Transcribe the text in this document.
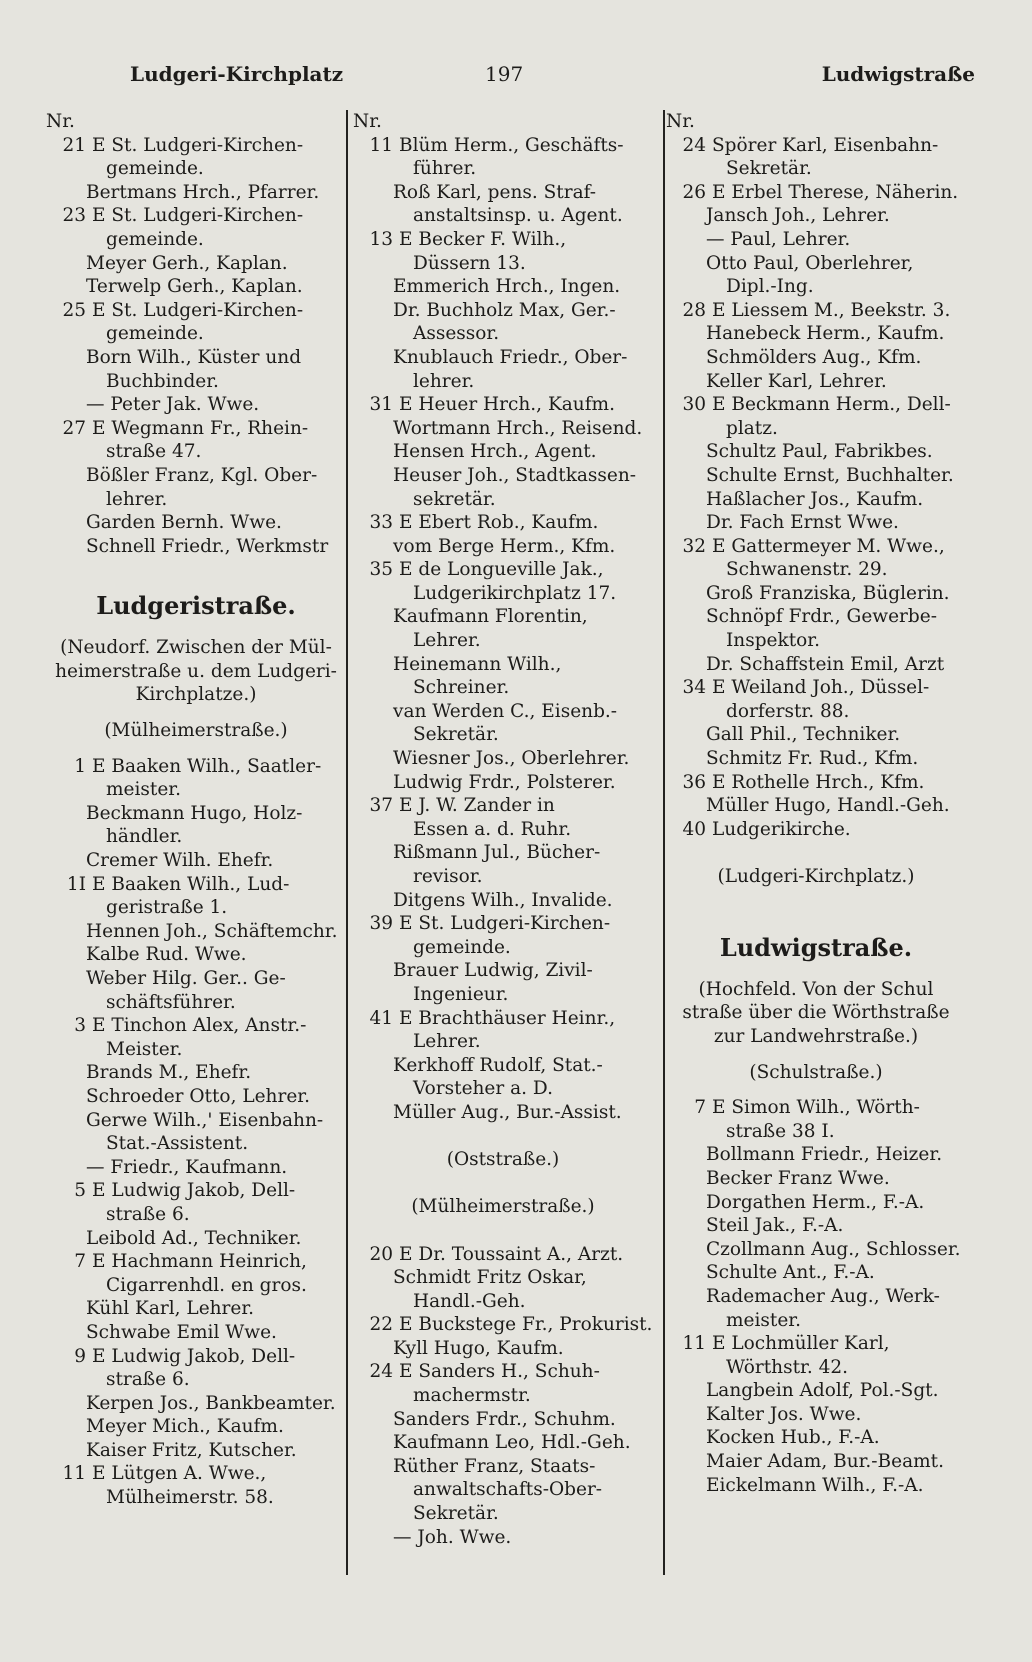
Ludgeri-Kirchplatz	197	Ludwigstraße
Nr.
21 E St. Ludgeri-Kirchen-
gemeinde.
Bertmans Hrch., Pfarrer.
23 E St. Ludgeri-Kirchen-
gemeinde.
Meyer Gerh., Kaplan.
Terwelp Gerh., Kaplan.
25 E St. Ludgeri-Kirchen-
gemeinde.
Born Wilh., Küster und
Buchbinder.
— Peter Jak. Wwe.
27 E Wegmann Fr., Rhein-
straße 47.
Bößler Franz, Kgl. Ober-
lehrer.
Garden Bernh. Wwe.
Schnell Friedr., Werkmstr
Ludgeristraße.
(Neudorf. Zwischen der Mül-
heimerstraße u. dem Ludgeri-
Kirchplatze.)
(Mülheimerstraße.)
1 E Baaken Wilh., Saatler-
meister.
Beckmann Hugo, Holz-
händler.
Cremer Wilh. Ehefr.
1I E Baaken Wilh., Lud-
geristraße 1.
Hennen Joh., Schäftemchr.
Kalbe Rud. Wwe.
Weber Hilg. Ger.. Ge-
schäftsführer.
3 E Tinchon Alex, Anstr.-
Meister.
Brands M., Ehefr.
Schroeder Otto, Lehrer.
Gerwe Wilh.,' Eisenbahn-
Stat.-Assistent.
— Friedr., Kaufmann.
5 E Ludwig Jakob, Dell-
straße 6.
Leibold Ad., Techniker.
7 E Hachmann Heinrich,
Cigarrenhdl. en gros.
Kühl Karl, Lehrer.
Schwabe Emil Wwe.
9 E Ludwig Jakob, Dell-
straße 6.
Kerpen Jos., Bankbeamter.
Meyer Mich., Kaufm.
Kaiser Fritz, Kutscher.
11 E Lütgen A. Wwe.,
Mülheimerstr. 58.
Nr.
11 Blüm Herm., Geschäfts-
führer.
Roß Karl, pens. Straf-
anstaltsinsp. u. Agent.
13 E Becker F. Wilh.,
Düssern 13.
Emmerich Hrch., Ingen.
Dr. Buchholz Max, Ger.-
Assessor.
Knublauch Friedr., Ober-
lehrer.
31 E Heuer Hrch., Kaufm.
Wortmann Hrch., Reisend.
Hensen Hrch., Agent.
Heuser Joh., Stadtkassen-
sekretär.
33 E Ebert Rob., Kaufm.
vom Berge Herm., Kfm.
35 E de Longueville Jak.,
Ludgerikirchplatz 17.
Kaufmann Florentin,
Lehrer.
Heinemann Wilh.,
Schreiner.
van Werden C., Eisenb.-
Sekretär.
Wiesner Jos., Oberlehrer.
Ludwig Frdr., Polsterer.
37 E J. W. Zander in
Essen a. d. Ruhr.
Rißmann Jul., Bücher-
revisor.
Ditgens Wilh., Invalide.
39 E St. Ludgeri-Kirchen-
gemeinde.
Brauer Ludwig, Zivil-
Ingenieur.
41 E Brachthäuser Heinr.,
Lehrer.
Kerkhoff Rudolf, Stat.-
Vorsteher a. D.
Müller Aug., Bur.-Assist.
(Oststraße.)
(Mülheimerstraße.)
20 E Dr. Toussaint A., Arzt.
Schmidt Fritz Oskar,
Handl.-Geh.
22 E Buckstege Fr., Prokurist.
Kyll Hugo, Kaufm.
24 E Sanders H., Schuh-
machermstr.
Sanders Frdr., Schuhm.
Kaufmann Leo, Hdl.-Geh.
Rüther Franz, Staats-
anwaltschafts-Ober-
Sekretär.
— Joh. Wwe.
Nr.
24 Spörer Karl, Eisenbahn-
Sekretär.
26 E Erbel Therese, Näherin.
Jansch Joh., Lehrer.
— Paul, Lehrer.
Otto Paul, Oberlehrer,
Dipl.-Ing.
28 E Liessem M., Beekstr. 3.
Hanebeck Herm., Kaufm.
Schmölders Aug., Kfm.
Keller Karl, Lehrer.
30 E Beckmann Herm., Dell-
platz.
Schultz Paul, Fabrikbes.
Schulte Ernst, Buchhalter.
Haßlacher Jos., Kaufm.
Dr. Fach Ernst Wwe.
32 E Gattermeyer M. Wwe.,
Schwanenstr. 29.
Groß Franziska, Büglerin.
Schnöpf Frdr., Gewerbe-
Inspektor.
Dr. Schaffstein Emil, Arzt
34 E Weiland Joh., Düssel-
dorferstr. 88.
Gall Phil., Techniker.
Schmitz Fr. Rud., Kfm.
36 E Rothelle Hrch., Kfm.
Müller Hugo, Handl.-Geh.
40 Ludgerikirche.
(Ludgeri-Kirchplatz.)
Ludwigstraße.
(Hochfeld. Von der Schul
straße über die Wörthstraße
zur Landwehrstraße.)
(Schulstraße.)
7 E Simon Wilh., Wörth-
straße 38 I.
Bollmann Friedr., Heizer.
Becker Franz Wwe.
Dorgathen Herm., F.-A.
Steil Jak., F.-A.
Czollmann Aug., Schlosser.
Schulte Ant., F.-A.
Rademacher Aug., Werk-
meister.
11 E Lochmüller Karl,
Wörthstr. 42.
Langbein Adolf, Pol.-Sgt.
Kalter Jos. Wwe.
Kocken Hub., F.-A.
Maier Adam, Bur.-Beamt.
Eickelmann Wilh., F.-A.
